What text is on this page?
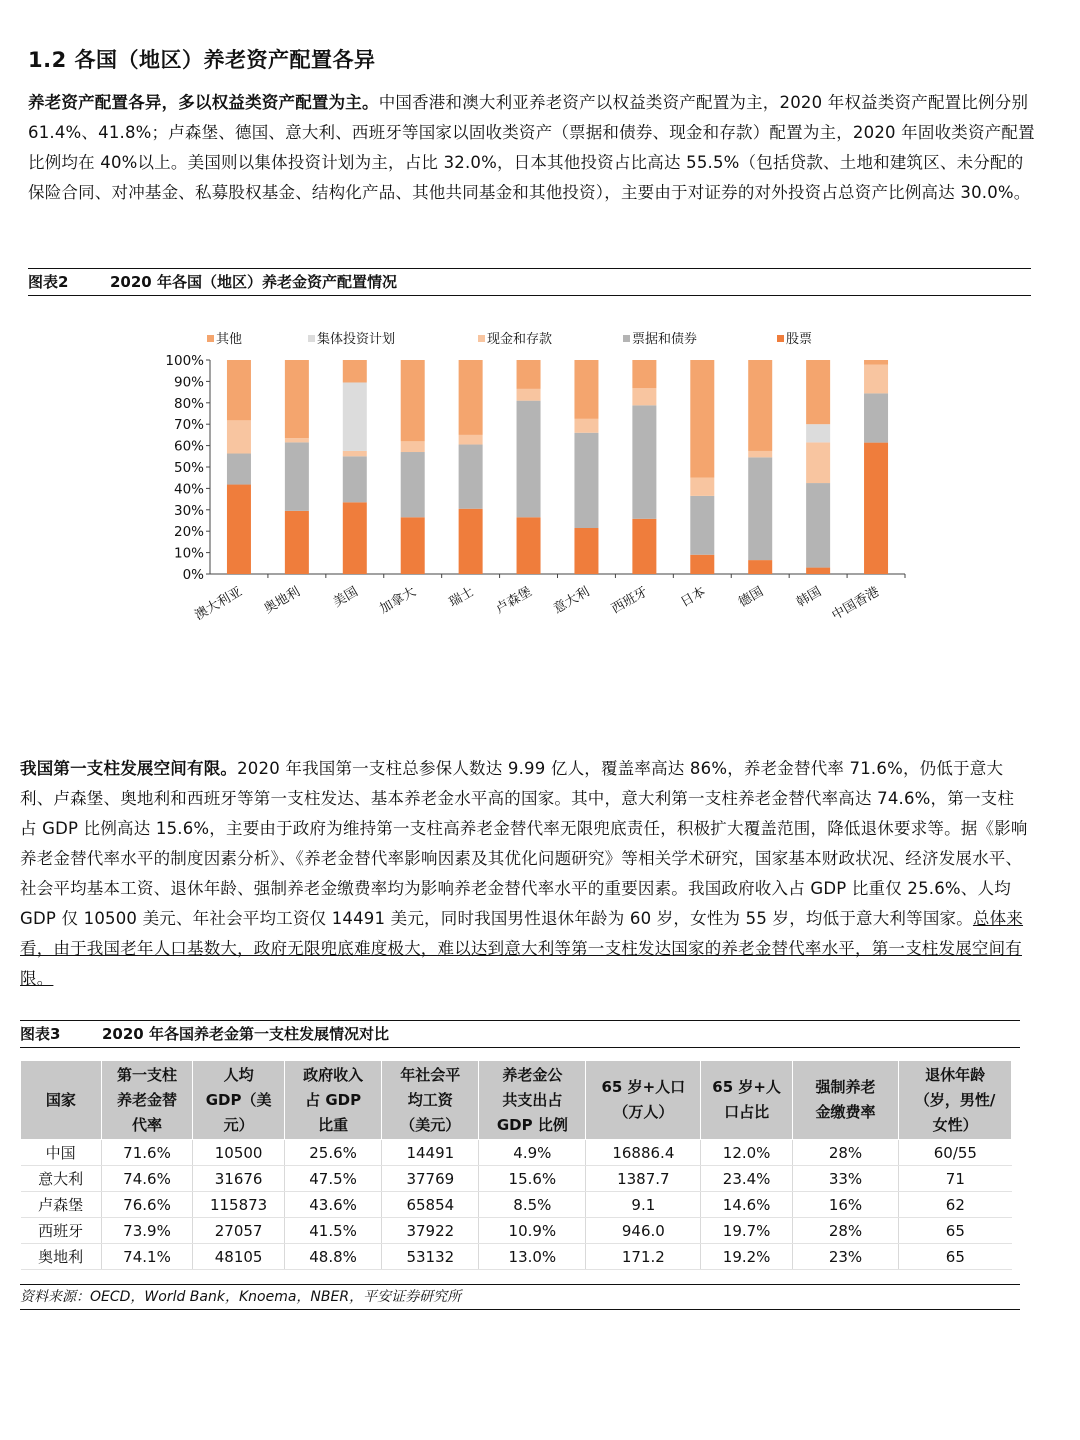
1.2 各国（地区）养老资产配置各异
养老资产配置各异，多以权益类资产配置为主。中国香港和澳大利亚养老资产以权益类资产配置为主，2020 年权益类资产配置比例分别 61.4%、41.8%；卢森堡、德国、意大利、西班牙等国家以固收类资产（票据和债券、现金和存款）配置为主，2020 年固收类资产配置比例均在 40%以上。美国则以集体投资计划为主，占比 32.0%，日本其他投资占比高达 55.5%（包括贷款、土地和建筑区、未分配的保险合同、对冲基金、私募股权基金、结构化产品、其他共同基金和其他投资），主要由于对证券的对外投资占总资产比例高达 30.0%。
图表2	2020 年各国（地区）养老金资产配置情况
其他	集体投资计划	现金和存款	票据和债券	股票
0%
10%
20%
30%
40%
50%
60%
70%
80%
90%
100%
澳大利亚 奥地利 美国 加拿大 瑞士 卢森堡 意大利 西班牙 日本 德国 韩国 中国香港
我国第一支柱发展空间有限。2020 年我国第一支柱总参保人数达 9.99 亿人，覆盖率高达 86%，养老金替代率 71.6%，仍低于意大利、卢森堡、奥地利和西班牙等第一支柱发达、基本养老金水平高的国家。其中，意大利第一支柱养老金替代率高达 74.6%，第一支柱占 GDP 比例高达 15.6%，主要由于政府为维持第一支柱高养老金替代率无限兜底责任，积极扩大覆盖范围，降低退休要求等。据《影响养老金替代率水平的制度因素分析》、《养老金替代率影响因素及其优化问题研究》等相关学术研究，国家基本财政状况、经济发展水平、社会平均基本工资、退休年龄、强制养老金缴费率均为影响养老金替代率水平的重要因素。我国政府收入占 GDP 比重仅 25.6%、人均 GDP 仅 10500 美元、年社会平均工资仅 14491 美元，同时我国男性退休年龄为 60 岁，女性为 55 岁，均低于意大利等国家。总体来看，由于我国老年人口基数大，政府无限兜底难度极大，难以达到意大利等第一支柱发达国家的养老金替代率水平，第一支柱发展空间有限。
图表3	2020 年各国养老金第一支柱发展情况对比
国家	第一支柱
养老金替
代率	人均
GDP（美
元）	政府收入
占 GDP
比重	年社会平
均工资
（美元）	养老金公
共支出占
GDP 比例	65 岁+人口
（万人）	65 岁+人
口占比	强制养老
金缴费率	退休年龄
（岁，男性/
女性）
中国	71.6%	10500	25.6%	14491	4.9%	16886.4	12.0%	28%	60/55
意大利	74.6%	31676	47.5%	37769	15.6%	1387.7	23.4%	33%	71
卢森堡	76.6%	115873	43.6%	65854	8.5%	9.1	14.6%	16%	62
西班牙	73.9%	27057	41.5%	37922	10.9%	946.0	19.7%	28%	65
奥地利	74.1%	48105	48.8%	53132	13.0%	171.2	19.2%	23%	65
资料来源：OECD，World Bank，Knoema，NBER，平安证券研究所
